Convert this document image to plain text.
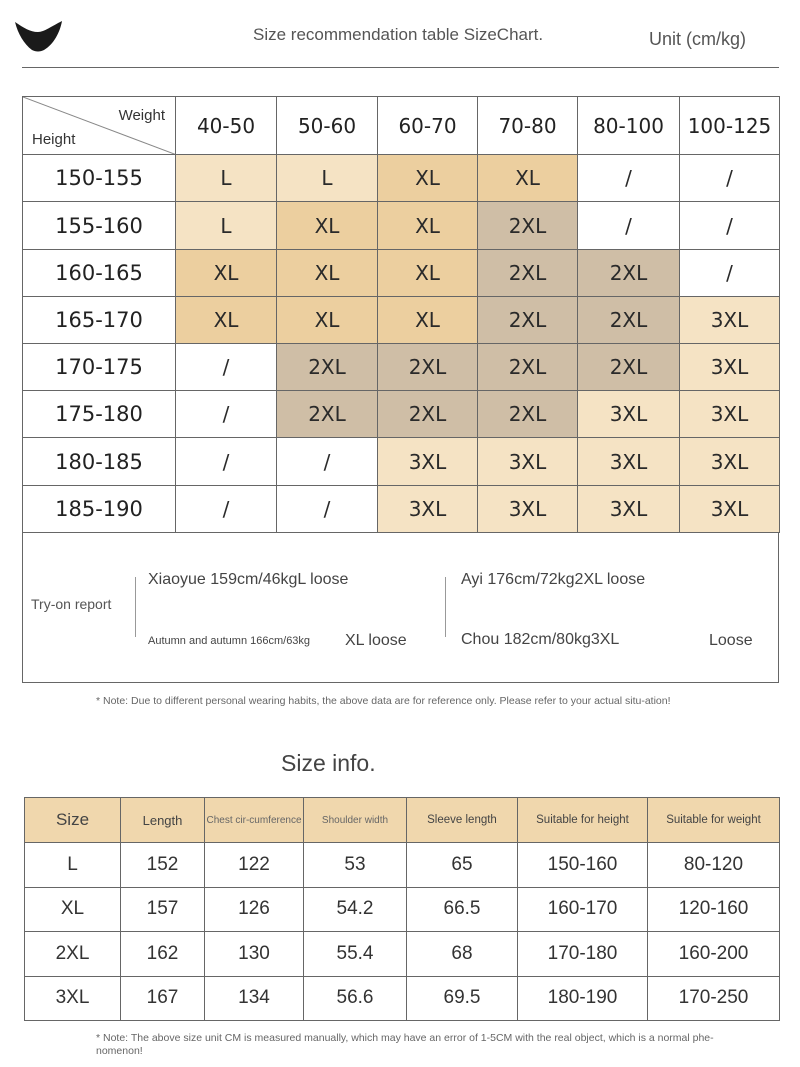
Size recommendation table SizeChart.	Unit (cm/kg)
Weight
Height	40-50	50-60	60-70	70-80	80-100	100-125
150-155	L	L	XL	XL	/	/
155-160	L	XL	XL	2XL	/	/
160-165	XL	XL	XL	2XL	2XL	/
165-170	XL	XL	XL	2XL	2XL	3XL
170-175	/	2XL	2XL	2XL	2XL	3XL
175-180	/	2XL	2XL	2XL	3XL	3XL
180-185	/	/	3XL	3XL	3XL	3XL
185-190	/	/	3XL	3XL	3XL	3XL
Try-on report
Xiaoyue 159cm/46kgL loose	Ayi 176cm/72kg2XL loose
Autumn and autumn 166cm/63kg XL loose	Chou 182cm/80kg3XL	Loose
* Note: Due to different personal wearing habits, the above data are for reference only. Please refer to your actual situ-ation!
Size info.
Size	Length	Chest cir-cumference	Shoulder width	Sleeve length	Suitable for height	Suitable for weight
L	152	122	53	65	150-160	80-120
XL	157	126	54.2	66.5	160-170	120-160
2XL	162	130	55.4	68	170-180	160-200
3XL	167	134	56.6	69.5	180-190	170-250
* Note: The above size unit CM is measured manually, which may have an error of 1-5CM with the real object, which is a normal phe-nomenon!
